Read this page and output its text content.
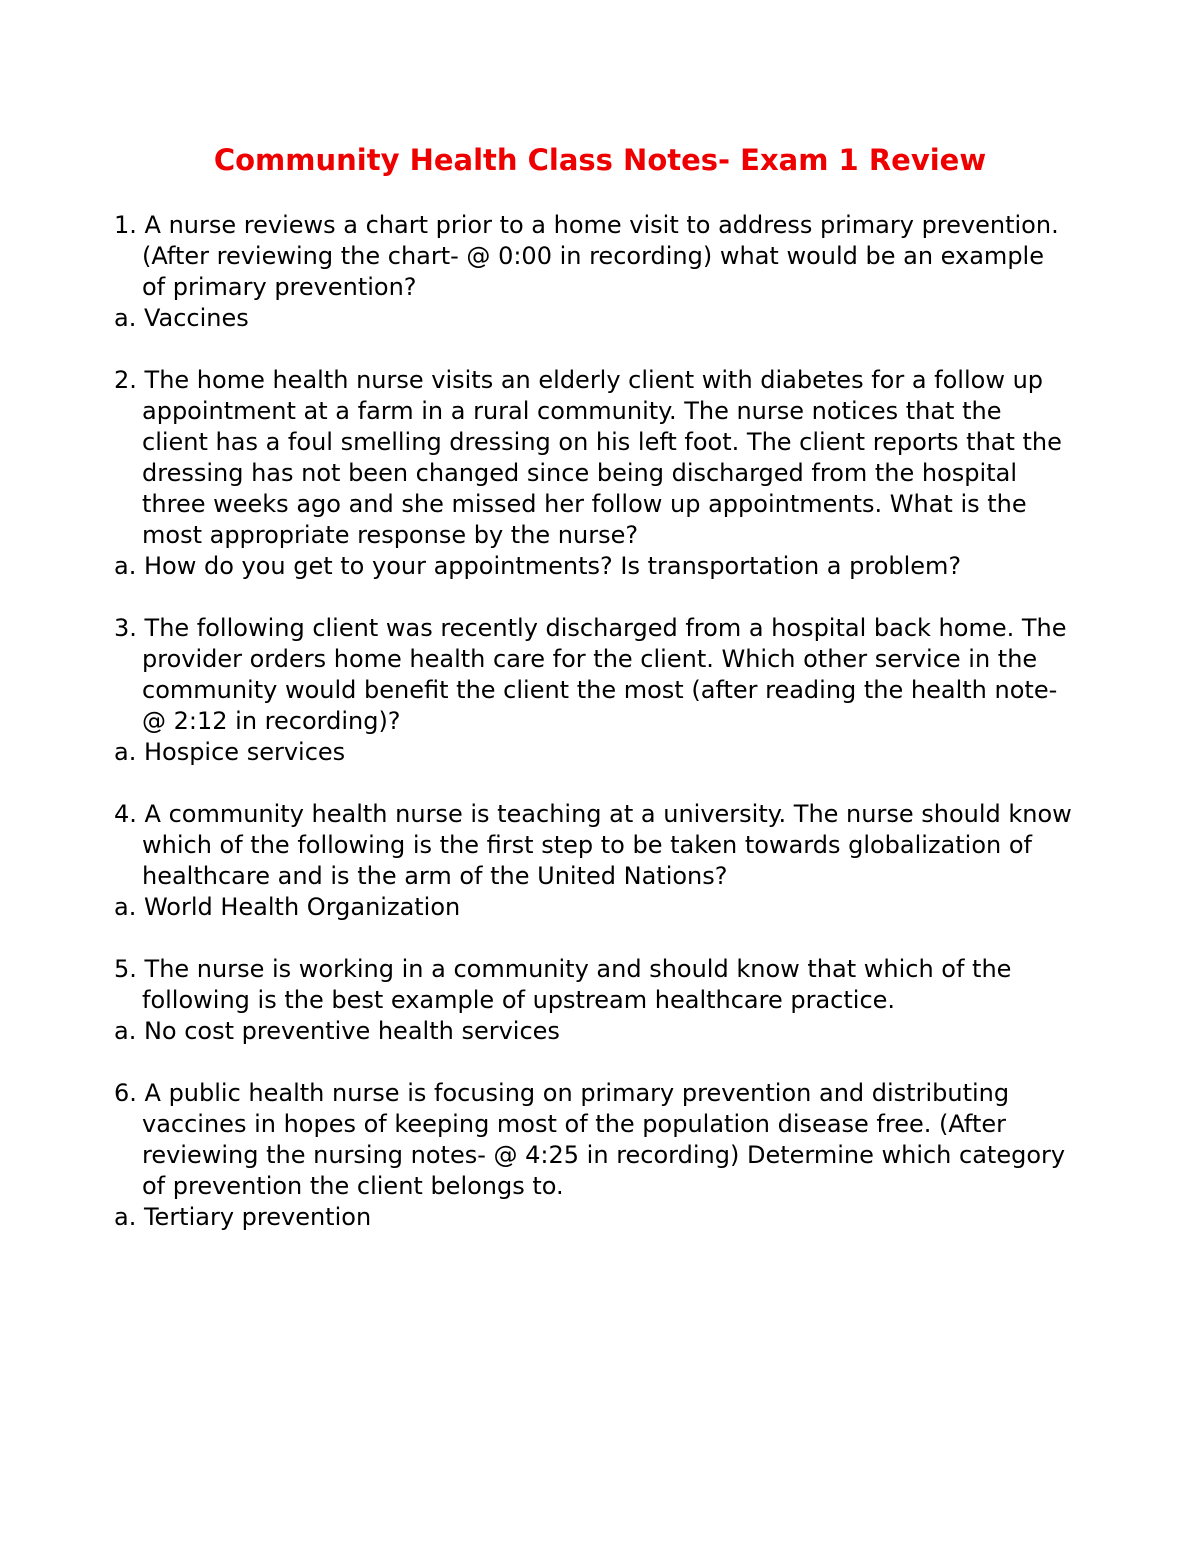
Community Health Class Notes- Exam 1 Review

1. A nurse reviews a chart prior to a home visit to address primary prevention. (After reviewing the chart- @ 0:00 in recording) what would be an example of primary prevention?

a. Vaccines

2. The home health nurse visits an elderly client with diabetes for a follow up appointment at a farm in a rural community. The nurse notices that the client has a foul smelling dressing on his left foot. The client reports that the dressing has not been changed since being discharged from the hospital three weeks ago and she missed her follow up appointments. What is the most appropriate response by the nurse?

a. How do you get to your appointments? Is transportation a problem?

3. The following client was recently discharged from a hospital back home. The provider orders home health care for the client. Which other service in the community would benefit the client the most (after reading the health note- @ 2:12 in recording)?

a. Hospice services

4. A community health nurse is teaching at a university. The nurse should know which of the following is the first step to be taken towards globalization of healthcare and is the arm of the United Nations?

a. World Health Organization

5. The nurse is working in a community and should know that which of the following is the best example of upstream healthcare practice.

a. No cost preventive health services

6. A public health nurse is focusing on primary prevention and distributing vaccines in hopes of keeping most of the population disease free. (After reviewing the nursing notes- @ 4:25 in recording) Determine which category of prevention the client belongs to.

a. Tertiary prevention
